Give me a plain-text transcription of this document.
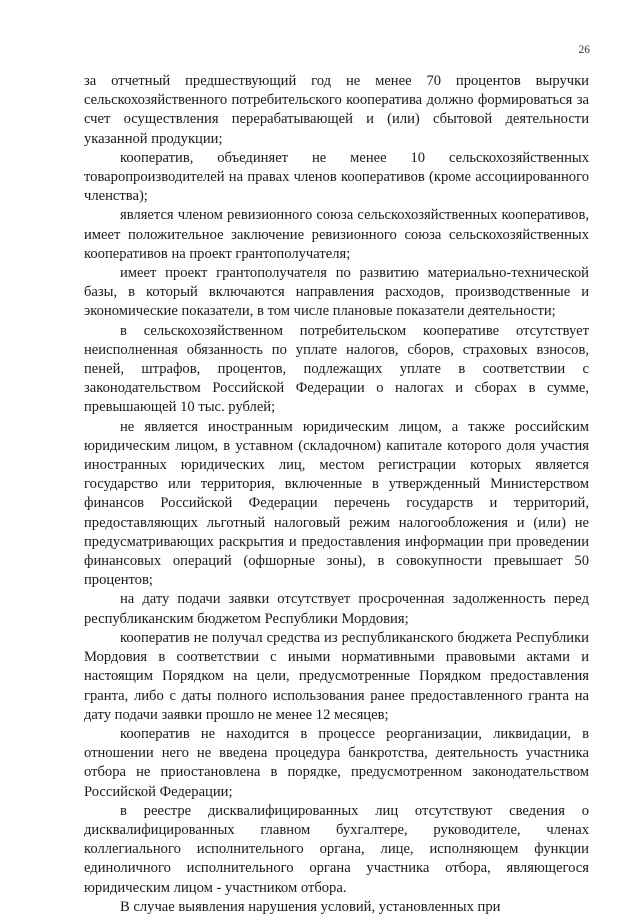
26

за отчетный предшествующий год не менее 70 процентов выручки сельскохозяйственного потребительского кооператива должно формироваться за счет осуществления перерабатывающей и (или) сбытовой деятельности указанной продукции;

кооператив, объединяет не менее 10 сельскохозяйственных товаропроизводителей на правах членов кооперативов (кроме ассоциированного членства);

является членом ревизионного союза сельскохозяйственных кооперативов, имеет положительное заключение ревизионного союза сельскохозяйственных кооперативов на проект грантополучателя;

имеет проект грантополучателя по развитию материально-технической базы, в который включаются направления расходов, производственные и экономические показатели, в том числе плановые показатели деятельности;

в сельскохозяйственном потребительском кооперативе отсутствует неисполненная обязанность по уплате налогов, сборов, страховых взносов, пеней, штрафов, процентов, подлежащих уплате в соответствии с законодательством Российской Федерации о налогах и сборах в сумме, превышающей 10 тыс. рублей;

не является иностранным юридическим лицом, а также российским юридическим лицом, в уставном (складочном) капитале которого доля участия иностранных юридических лиц, местом регистрации которых является государство или территория, включенные в утвержденный Министерством финансов Российской Федерации перечень государств и территорий, предоставляющих льготный налоговый режим налогообложения и (или) не предусматривающих раскрытия и предоставления информации при проведении финансовых операций (офшорные зоны), в совокупности превышает 50 процентов;

на дату подачи заявки отсутствует просроченная задолженность перед республиканским бюджетом Республики Мордовия;

кооператив не получал средства из республиканского бюджета Республики Мордовия в соответствии с иными нормативными правовыми актами и настоящим Порядком на цели, предусмотренные Порядком предоставления гранта, либо с даты полного использования ранее предоставленного гранта на дату подачи заявки прошло не менее 12 месяцев;

кооператив не находится в процессе реорганизации, ликвидации, в отношении него не введена процедура банкротства, деятельность участника отбора не приостановлена в порядке, предусмотренном законодательством Российской Федерации;

в реестре дисквалифицированных лиц отсутствуют сведения о дисквалифицированных главном бухгалтере, руководителе, членах коллегиального исполнительного органа, лице, исполняющем функции единоличного исполнительного органа участника отбора, являющегося юридическим лицом - участником отбора.

В случае выявления нарушения условий, установленных при
